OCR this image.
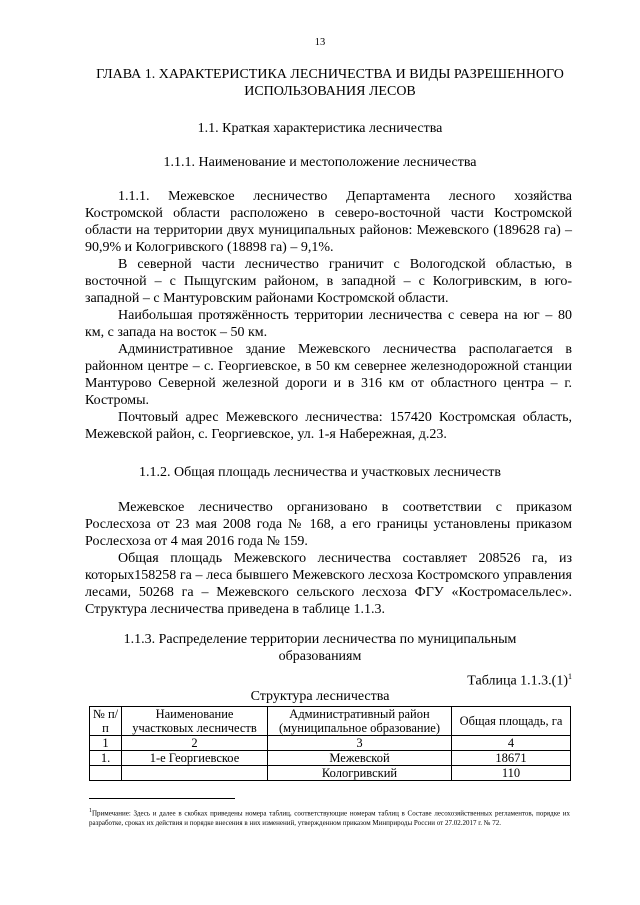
13
ГЛАВА 1. ХАРАКТЕРИСТИКА ЛЕСНИЧЕСТВА И ВИДЫ РАЗРЕШЕННОГО ИСПОЛЬЗОВАНИЯ ЛЕСОВ
1.1. Краткая характеристика лесничества
1.1.1. Наименование и местоположение лесничества

1.1.1. Межевское лесничество Департамента лесного хозяйства Костромской области расположено в северо-восточной части Костромской области на территории двух муниципальных районов: Межевского (189628 га) – 90,9% и Кологривского (18898 га) – 9,1%.

В северной части лесничество граничит с Вологодской областью, в восточной – с Пыщугским районом, в западной – с Кологривским, в юго-западной – с Мантуровским районами Костромской области.

Наибольшая протяжённость территории лесничества с севера на юг – 80 км, с запада на восток – 50 км.

Административное здание Межевского лесничества располагается в районном центре – с. Георгиевское, в 50 км севернее железнодорожной станции Мантурово Северной железной дороги и в 316 км от областного центра – г. Костромы.

Почтовый адрес Межевского лесничества: 157420 Костромская область, Межевской район, с. Георгиевское, ул. 1-я Набережная, д.23.

1.1.2. Общая площадь лесничества и участковых лесничеств

Межевское лесничество организовано в соответствии с приказом Рослесхоза от 23 мая 2008 года № 168, а его границы установлены приказом Рослесхоза от 4 мая 2016 года № 159.

Общая площадь Межевского лесничества составляет 208526 га, из которых158258 га – леса бывшего Межевского лесхоза Костромского управления лесами, 50268 га – Межевского сельского лесхоза ФГУ «Костромасельлес». Структура лесничества приведена в таблице 1.1.3.

1.1.3. Распределение территории лесничества по муниципальным образованиям
Таблица $1.1.3.(1)^1$
Структура лесничества
№ п/п	Наименование участковых лесничеств	Административный район (муниципальное образование)	Общая площадь, га
1	2	3	4
1.	1-е Георгиевское	Межевской	18671
		Кологривский	110
$^1$Примечание: Здесь и далее в скобках приведены номера таблиц, соответствующие номерам таблиц в Составе лесохозяйственных регламентов, порядке их разработке, сроках их действия и порядке внесения в них изменений, утвержденном приказом Минприроды России от 27.02.2017 г. № 72.
